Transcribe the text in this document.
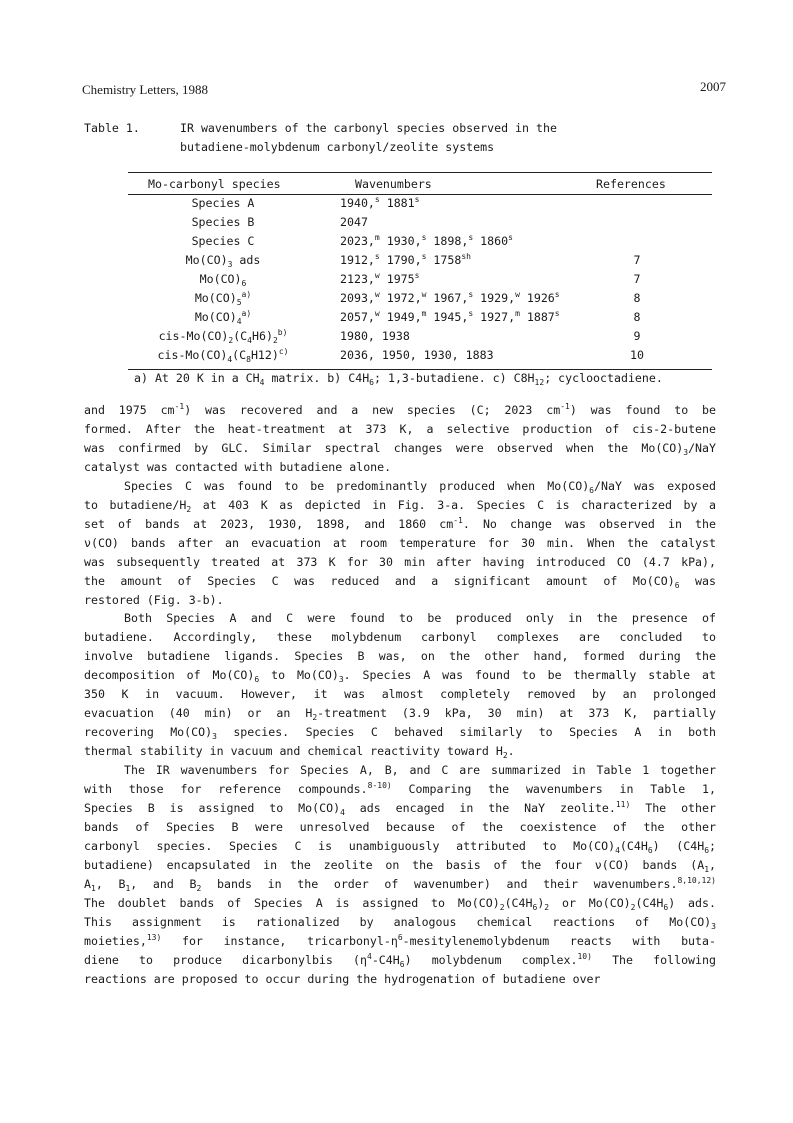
Chemistry Letters, 1988	2007
Table 1.	IR wavenumbers of the carbonyl species observed in the
butadiene-molybdenum carbonyl/zeolite systems
Mo-carbonyl species	Wavenumbers	References
Species A	1940,$^s$ 1881$^s$
Species B	2047
Species C	2023,$^m$ 1930,$^s$ 1898,$^s$ 1860$^s$
$Mo(CO)_3$ ads	1912,$^s$ 1790,$^s$ $1758^{sh}$	7
$Mo(CO)_6$	2123,$^w$ 1975$^s$	7
$Mo(CO)_5^{a)}$	2093,$^w$ 1972,$^w$ 1967,$^s$ 1929,$^w$ 1926$^s$	8
$Mo(CO)_4^{a)}$	2057,$^w$ 1949,$^m$ 1945,$^s$ 1927,$^m$ 1887$^s$	8
cis-$Mo(CO)_2(C_4H6)_2^{b)}$	1980, 1938	9
cis-$Mo(CO)_4(C_8H12)^{c)}$	2036, 1950, 1930, 1883	10
a) At 20 K in a $CH_4$ matrix. b) $C4H_6$; 1,3-butadiene. c) $C8H_{12}$; cyclooctadiene.
and 1975 $cm^{-1}$) was recovered and a new species (C; 2023 $cm^{-1}$) was found to be
formed. After the heat-treatment at 373 K, a selective production of cis-2-butene
was confirmed by GLC. Similar spectral changes were observed when the $Mo(CO)_3$/NaY
catalyst was contacted with butadiene alone.
Species C was found to be predominantly produced when $Mo(CO)_6$/NaY was exposed
to butadiene/$H_2$ at 403 K as depicted in Fig. 3-a. Species C is characterized by a
set of bands at 2023, 1930, 1898, and 1860 $cm^{-1}$. No change was observed in the
ν(CO) bands after an evacuation at room temperature for 30 min. When the catalyst
was subsequently treated at 373 K for 30 min after having introduced CO (4.7 kPa),
the amount of Species C was reduced and a significant amount of $Mo(CO)_6$ was
restored (Fig. 3-b).
Both Species A and C were found to be produced only in the presence of
butadiene. Accordingly, these molybdenum carbonyl complexes are concluded to
involve butadiene ligands. Species B was, on the other hand, formed during the
decomposition of $Mo(CO)_6$ to $Mo(CO)_3$. Species A was found to be thermally stable at
350 K in vacuum. However, it was almost completely removed by an prolonged
evacuation (40 min) or an $H_2$-treatment (3.9 kPa, 30 min) at 373 K, partially
recovering $Mo(CO)_3$ species. Species C behaved similarly to Species A in both
thermal stability in vacuum and chemical reactivity toward $H_2$.
The IR wavenumbers for Species A, B, and C are summarized in Table 1 together
with those for reference compounds.$^{8-10)}$ Comparing the wavenumbers in Table 1,
Species B is assigned to $Mo(CO)_4$ ads encaged in the NaY zeolite.$^{11)}$ The other
bands of Species B were unresolved because of the coexistence of the other
carbonyl species. Species C is unambiguously attributed to $Mo(CO)_4(C4H_6)$ ($C4H_6$;
butadiene) encapsulated in the zeolite on the basis of the four ν(CO) bands ($A_1$,
$A_1$, $B_1$, and $B_2$ bands in the order of wavenumber) and their wavenumbers.$^{8,10,12)}$
The doublet bands of Species A is assigned to $Mo(CO)_2(C4H_6)_2$ or $Mo(CO)_2(C4H_6)$ ads.
This assignment is rationalized by analogous chemical reactions of $Mo(CO)_3$
moieties,$^{13)}$ for instance, tricarbonyl-$\eta^6$-mesitylenemolybdenum reacts with buta-
diene to produce dicarbonylbis $(\eta^4-C4H_6)$ molybdenum complex.$^{10)}$ The following
reactions are proposed to occur during the hydrogenation of butadiene over
